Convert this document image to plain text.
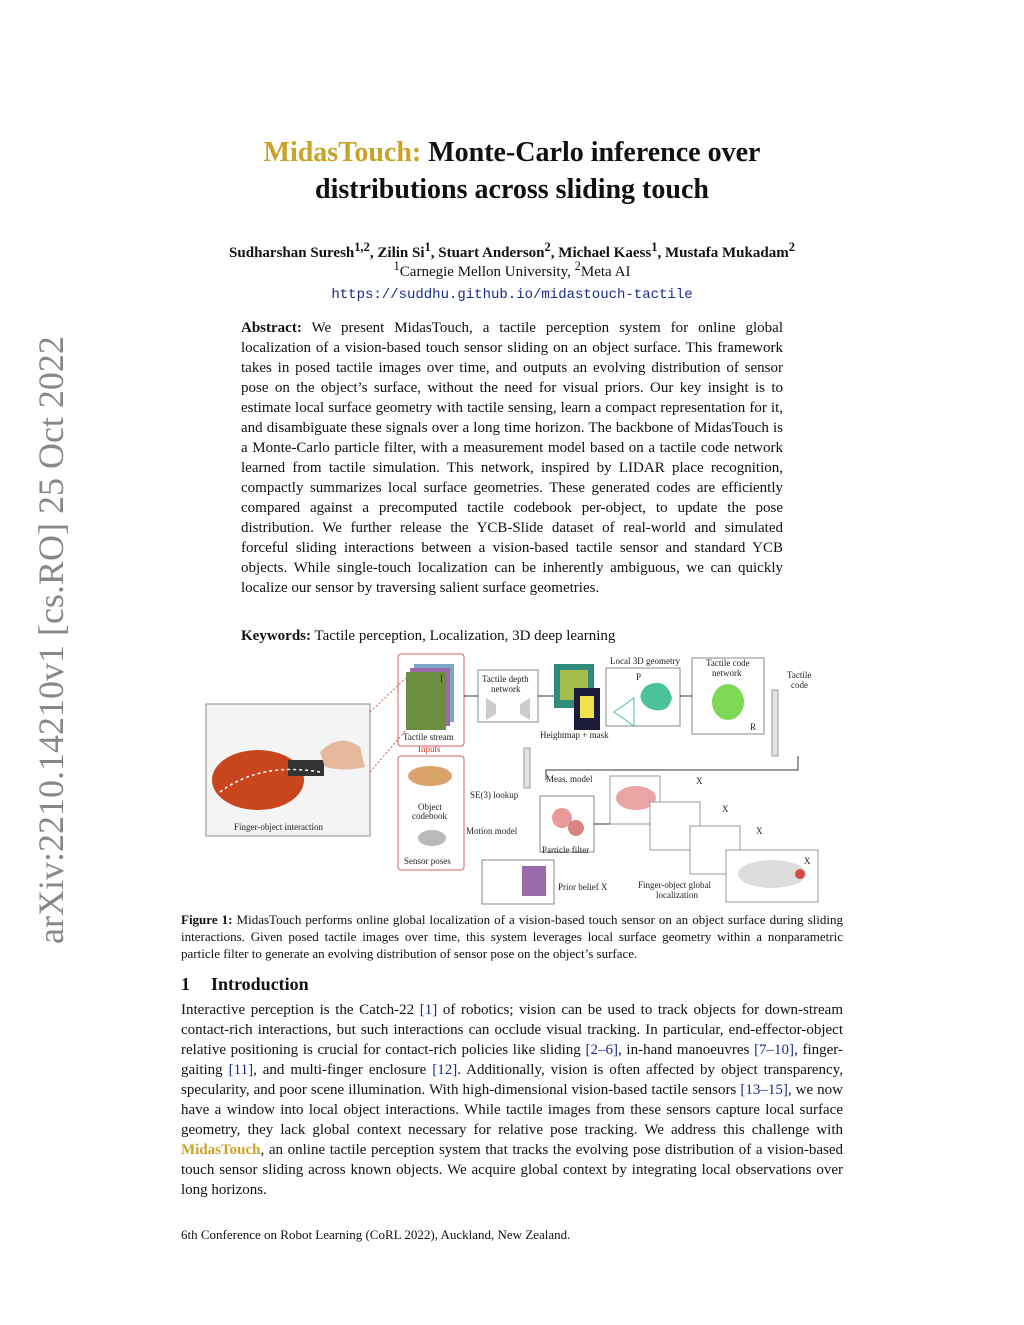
arXiv:2210.14210v1 [cs.RO] 25 Oct 2022
MidasTouch: Monte-Carlo inference over
distributions across sliding touch
Sudharshan Suresh$^{1,2}$, Zilin Si$^1$, Stuart Anderson$^2$, Michael Kaess$^1$, Mustafa Mukadam$^2$
$^1$Carnegie Mellon University, $^2$Meta AI
https://suddhu.github.io/midastouch-tactile
Abstract: We present MidasTouch, a tactile perception system for online global localization of a vision-based touch sensor sliding on an object surface. This framework takes in posed tactile images over time, and outputs an evolving distribution of sensor pose on the object’s surface, without the need for visual priors. Our key insight is to estimate local surface geometry with tactile sensing, learn a compact representation for it, and disambiguate these signals over a long time horizon. The backbone of MidasTouch is a Monte-Carlo particle filter, with a measurement model based on a tactile code network learned from tactile simulation. This network, inspired by LIDAR place recognition, compactly summarizes local surface geometries. These generated codes are efficiently compared against a precomputed tactile codebook per-object, to update the pose distribution. We further release the YCB-Slide dataset of real-world and simulated forceful sliding interactions between a vision-based tactile sensor and standard YCB objects. While single-touch localization can be inherently ambiguous, we can quickly localize our sensor by traversing salient surface geometries.
Keywords: Tactile perception, Localization, 3D deep learning
Finger-object interaction
I
Tactile stream
Inputs
Tactile depth
network
Heightmap + mask
Local 3D geometry
P
Tactile code
network
R
Tactile
code
Object
codebook
Sensor poses
SE(3) lookup
Meas. model
Motion model
Particle filter
X
X
X
X
Prior belief X	Finger-object global
localization
Figure 1: MidasTouch performs online global localization of a vision-based touch sensor on an object surface during sliding interactions. Given posed tactile images over time, this system leverages local surface geometry within a nonparametric particle filter to generate an evolving distribution of sensor pose on the object’s surface.
1 Introduction
Interactive perception is the Catch-22 [1] of robotics; vision can be used to track objects for down-stream contact-rich interactions, but such interactions can occlude visual tracking. In particular, end-effector-object relative positioning is crucial for contact-rich policies like sliding [2–6], in-hand manoeuvres [7–10], finger-gaiting [11], and multi-finger enclosure [12]. Additionally, vision is often affected by object transparency, specularity, and poor scene illumination. With high-dimensional vision-based tactile sensors [13–15], we now have a window into local object interactions. While tactile images from these sensors capture local surface geometry, they lack global context necessary for relative pose tracking. We address this challenge with MidasTouch, an online tactile perception system that tracks the evolving pose distribution of a vision-based touch sensor sliding across known objects. We acquire global context by integrating local observations over long horizons.
6th Conference on Robot Learning (CoRL 2022), Auckland, New Zealand.
